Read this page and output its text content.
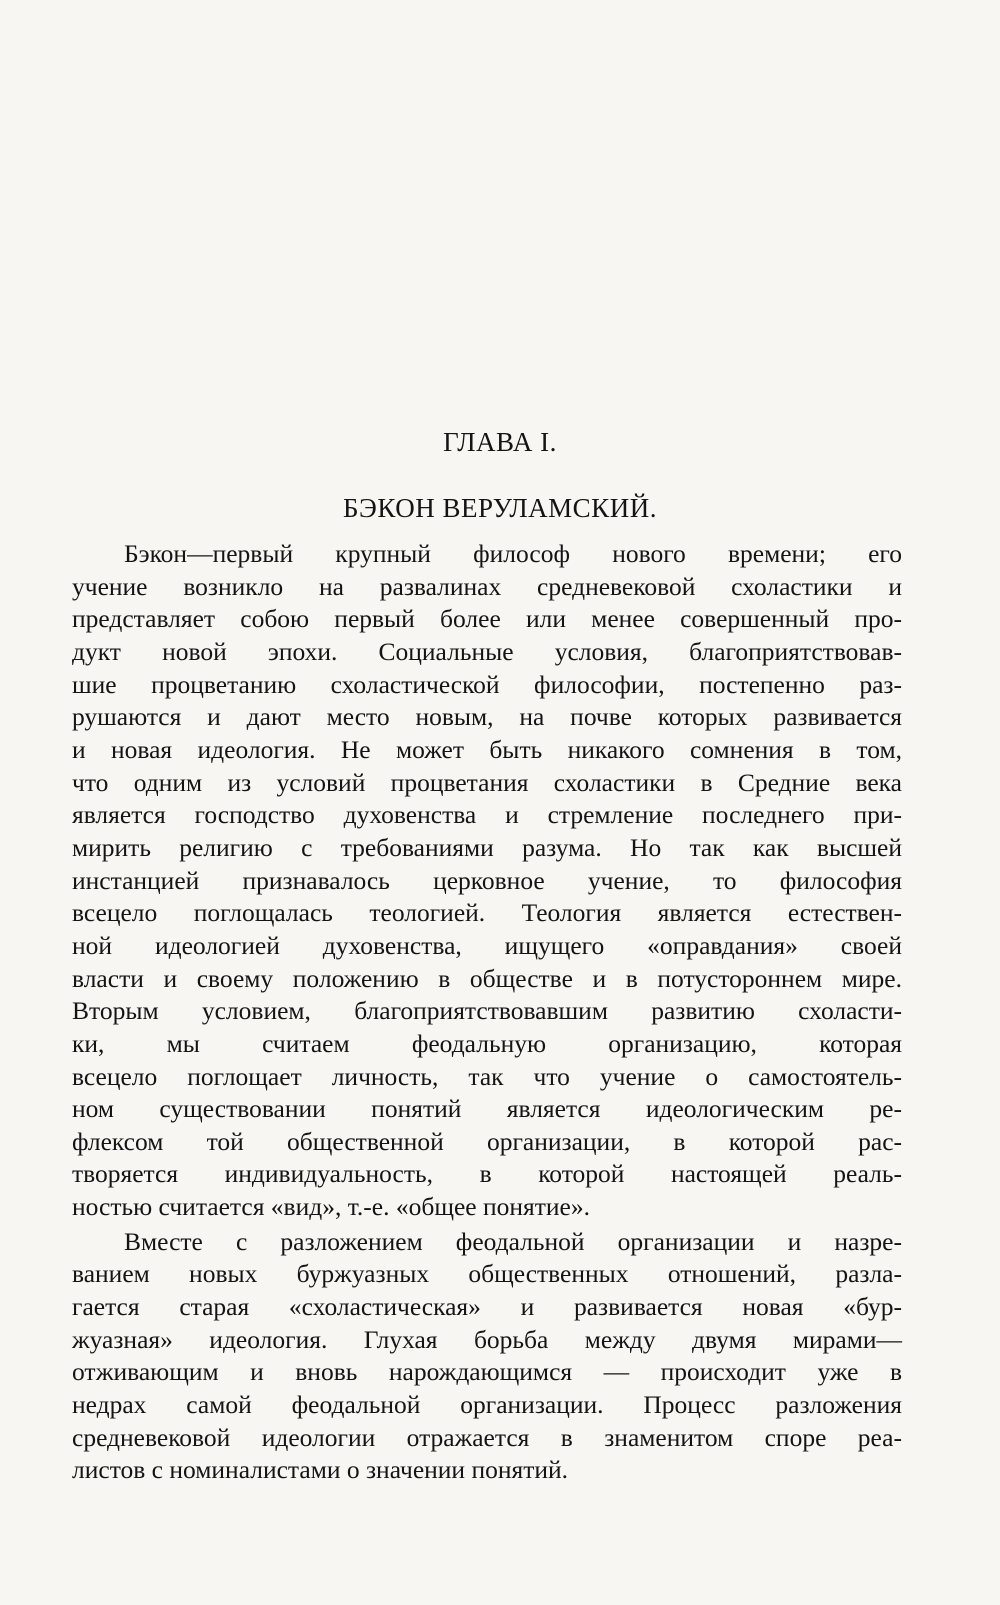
ГЛАВА I.
БЭКОН ВЕРУЛАМСКИЙ.
Бэкон—первый крупный философ нового времени; его
учение возникло на развалинах средневековой схоластики и
представляет собою первый более или менее совершенный про-
дукт новой эпохи. Социальные условия, благоприятствовав-
шие процветанию схоластической философии, постепенно раз-
рушаются и дают место новым, на почве которых развивается
и новая идеология. Не может быть никакого сомнения в том,
что одним из условий процветания схоластики в Средние века
является господство духовенства и стремление последнего при-
мирить религию с требованиями разума. Но так как высшей
инстанцией признавалось церковное учение, то философия
всецело поглощалась теологией. Теология является естествен-
ной идеологией духовенства, ищущего «оправдания» своей
власти и своему положению в обществе и в потустороннем мире.
Вторым условием, благоприятствовавшим развитию схоласти-
ки, мы считаем феодальную организацию, которая
всецело поглощает личность, так что учение о самостоятель-
ном существовании понятий является идеологическим ре-
флексом той общественной организации, в которой рас-
творяется индивидуальность, в которой настоящей реаль-
ностью считается «вид», т.-е. «общее понятие».
Вместе с разложением феодальной организации и назре-
ванием новых буржуазных общественных отношений, разла-
гается старая «схоластическая» и развивается новая «бур-
жуазная» идеология. Глухая борьба между двумя мирами—
отживающим и вновь нарождающимся — происходит уже в
недрах самой феодальной организации. Процесс разложения
средневековой идеологии отражается в знаменитом споре реа-
листов с номиналистами о значении понятий.
